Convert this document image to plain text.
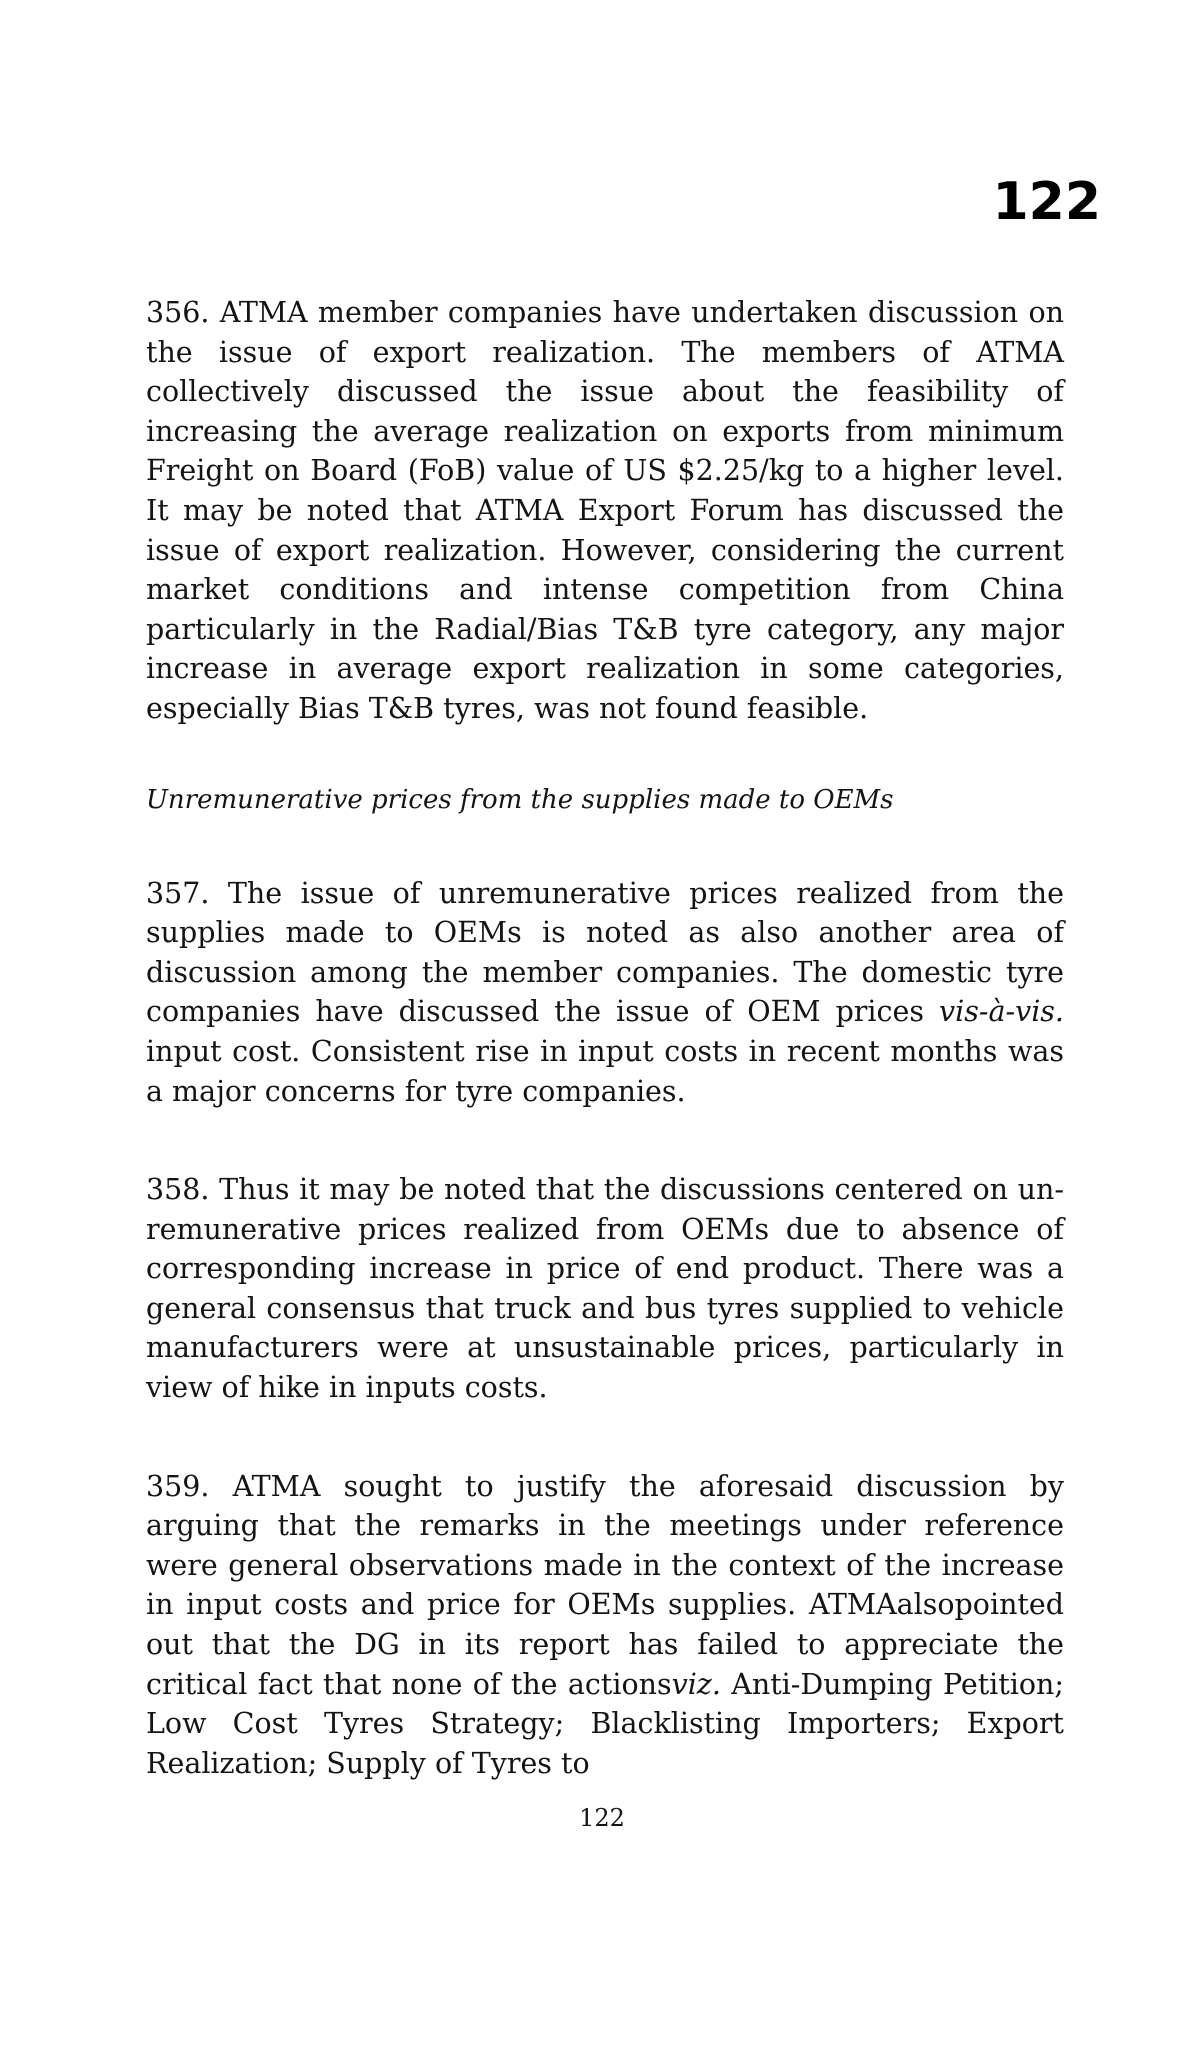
122

356. ATMA member companies have undertaken discussion on the issue of export realization. The members of ATMA collectively discussed the issue about the feasibility of increasing the average realization on exports from minimum Freight on Board (FoB) value of US $2.25/kg to a higher level. It may be noted that ATMA Export Forum has discussed the issue of export realization. However, considering the current market conditions and intense competition from China particularly in the Radial/Bias T&B tyre category, any major increase in average export realization in some categories, especially Bias T&B tyres, was not found feasible.

Unremunerative prices from the supplies made to OEMs

357. The issue of unremunerative prices realized from the supplies made to OEMs is noted as also another area of discussion among the member companies. The domestic tyre companies have discussed the issue of OEM prices vis-à-vis. input cost. Consistent rise in input costs in recent months was a major concerns for tyre companies.

358. Thus it may be noted that the discussions centered on un-remunerative prices realized from OEMs due to absence of corresponding increase in price of end product. There was a general consensus that truck and bus tyres supplied to vehicle manufacturers were at unsustainable prices, particularly in view of hike in inputs costs.

359. ATMA sought to justify the aforesaid discussion by arguing that the remarks in the meetings under reference were general observations made in the context of the increase in input costs and price for OEMs supplies. ATMAalsopointed out that the DG in its report has failed to appreciate the critical fact that none of the actionsviz. Anti-Dumping Petition; Low Cost Tyres Strategy; Blacklisting Importers; Export Realization; Supply of Tyres to

122
